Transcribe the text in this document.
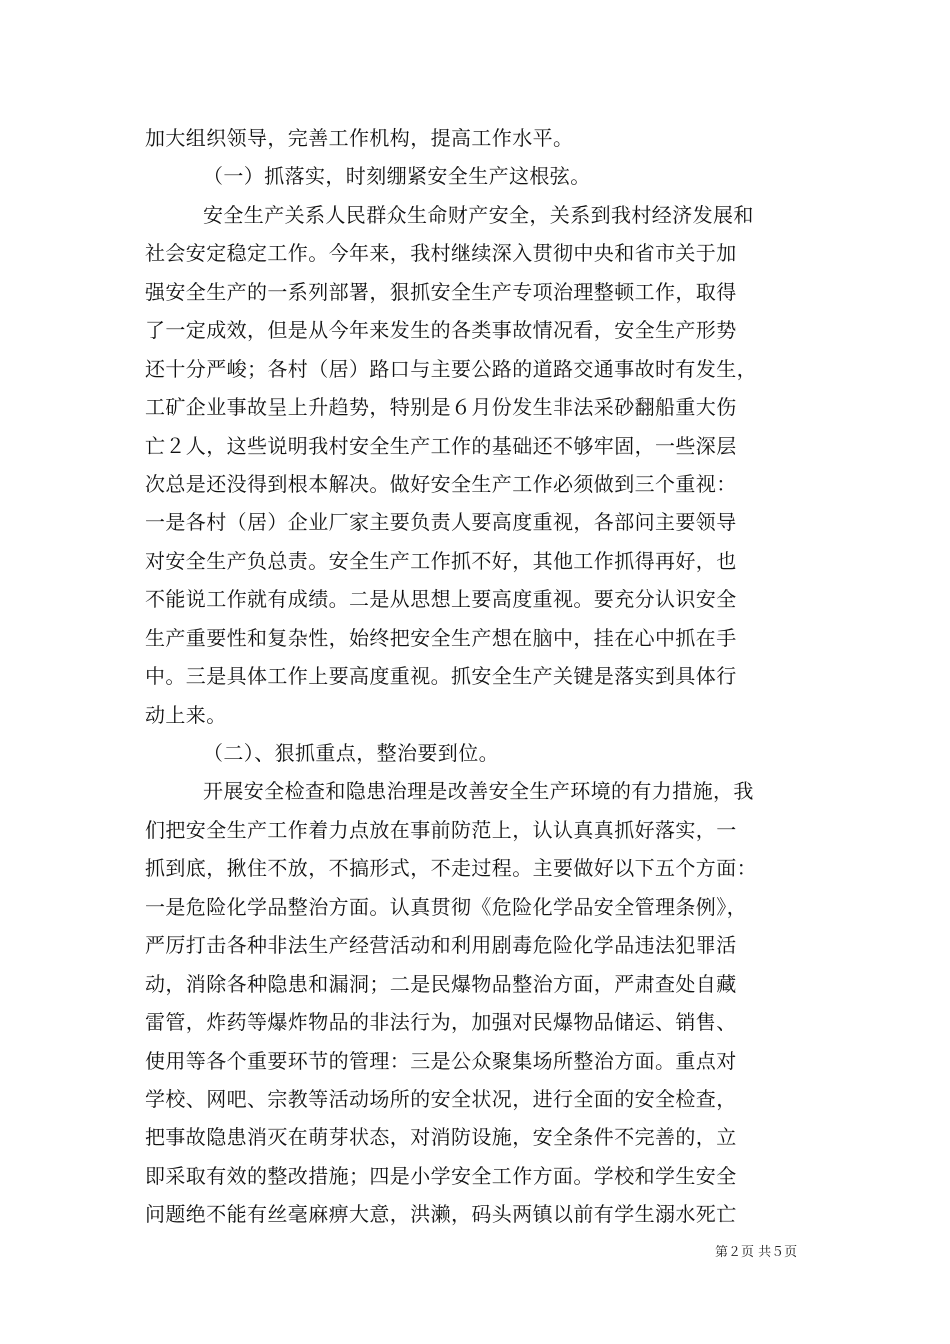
加大组织领导，完善工作机构，提高工作水平。
（一）抓落实，时刻绷紧安全生产这根弦。
安全生产关系人民群众生命财产安全，关系到我村经济发展和
社会安定稳定工作。今年来，我村继续深入贯彻中央和省市关于加
强安全生产的一系列部署，狠抓安全生产专项治理整顿工作，取得
了一定成效，但是从今年来发生的各类事故情况看，安全生产形势
还十分严峻；各村（居）路口与主要公路的道路交通事故时有发生，
工矿企业事故呈上升趋势，特别是６月份发生非法采砂翻船重大伤
亡２人，这些说明我村安全生产工作的基础还不够牢固，一些深层
次总是还没得到根本解决。做好安全生产工作必须做到三个重视：
一是各村（居）企业厂家主要负责人要高度重视，各部问主要领导
对安全生产负总责。安全生产工作抓不好，其他工作抓得再好，也
不能说工作就有成绩。二是从思想上要高度重视。要充分认识安全
生产重要性和复杂性，始终把安全生产想在脑中，挂在心中抓在手
中。三是具体工作上要高度重视。抓安全生产关键是落实到具体行
动上来。
（二）、狠抓重点，整治要到位。
开展安全检查和隐患治理是改善安全生产环境的有力措施，我
们把安全生产工作着力点放在事前防范上，认认真真抓好落实，一
抓到底，揪住不放，不搞形式，不走过程。主要做好以下五个方面：
一是危险化学品整治方面。认真贯彻《危险化学品安全管理条例》，
严厉打击各种非法生产经营活动和利用剧毒危险化学品违法犯罪活
动，消除各种隐患和漏洞；二是民爆物品整治方面，严肃查处自藏
雷管，炸药等爆炸物品的非法行为，加强对民爆物品储运、销售、
使用等各个重要环节的管理：三是公众聚集场所整治方面。重点对
学校、网吧、宗教等活动场所的安全状况，进行全面的安全检查，
把事故隐患消灭在萌芽状态，对消防设施，安全条件不完善的，立
即采取有效的整改措施；四是小学安全工作方面。学校和学生安全
问题绝不能有丝毫麻痹大意，洪濑，码头两镇以前有学生溺水死亡
第２页 共５页
